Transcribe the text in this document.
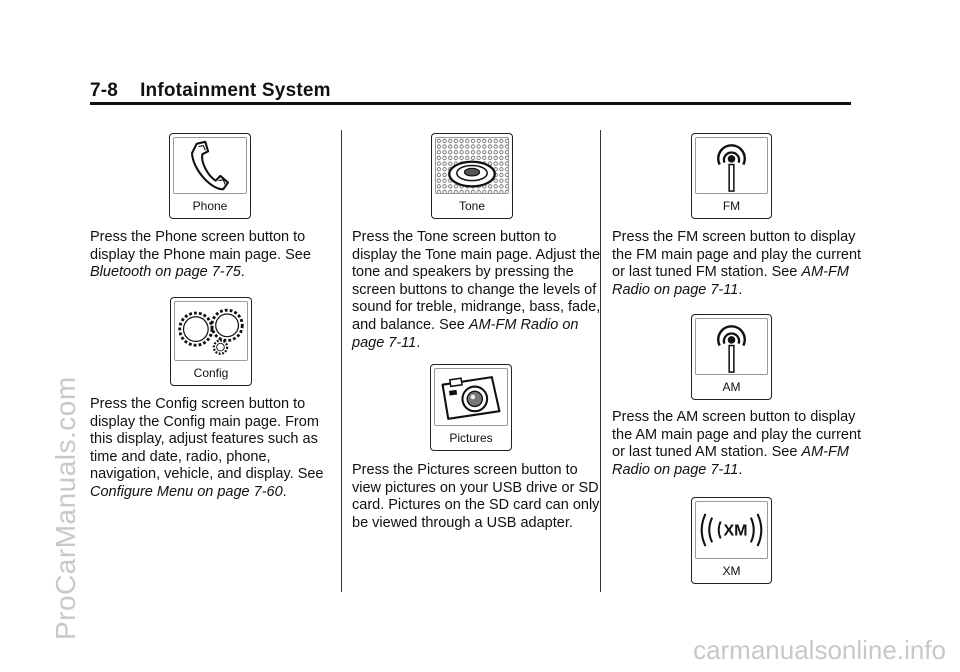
7-8 Infotainment System
ProCarManuals.com
carmanualsonline.info
Phone
Press the Phone screen button to display the Phone main page. See Bluetooth on page 7-75.
Config
Press the Config screen button to display the Config main page. From this display, adjust features such as time and date, radio, phone, navigation, vehicle, and display. See Configure Menu on page 7-60.
Tone
Press the Tone screen button to display the Tone main page. Adjust the tone and speakers by pressing the screen buttons to change the levels of sound for treble, midrange, bass, fade, and balance. See AM-FM Radio on page 7-11.
Pictures
Press the Pictures screen button to view pictures on your USB drive or SD card. Pictures on the SD card can only be viewed through a USB adapter.
FM
Press the FM screen button to display the FM main page and play the current or last tuned FM station. See AM-FM Radio on page 7-11.
AM
Press the AM screen button to display the AM main page and play the current or last tuned AM station. See AM-FM Radio on page 7-11.
XM
XM
